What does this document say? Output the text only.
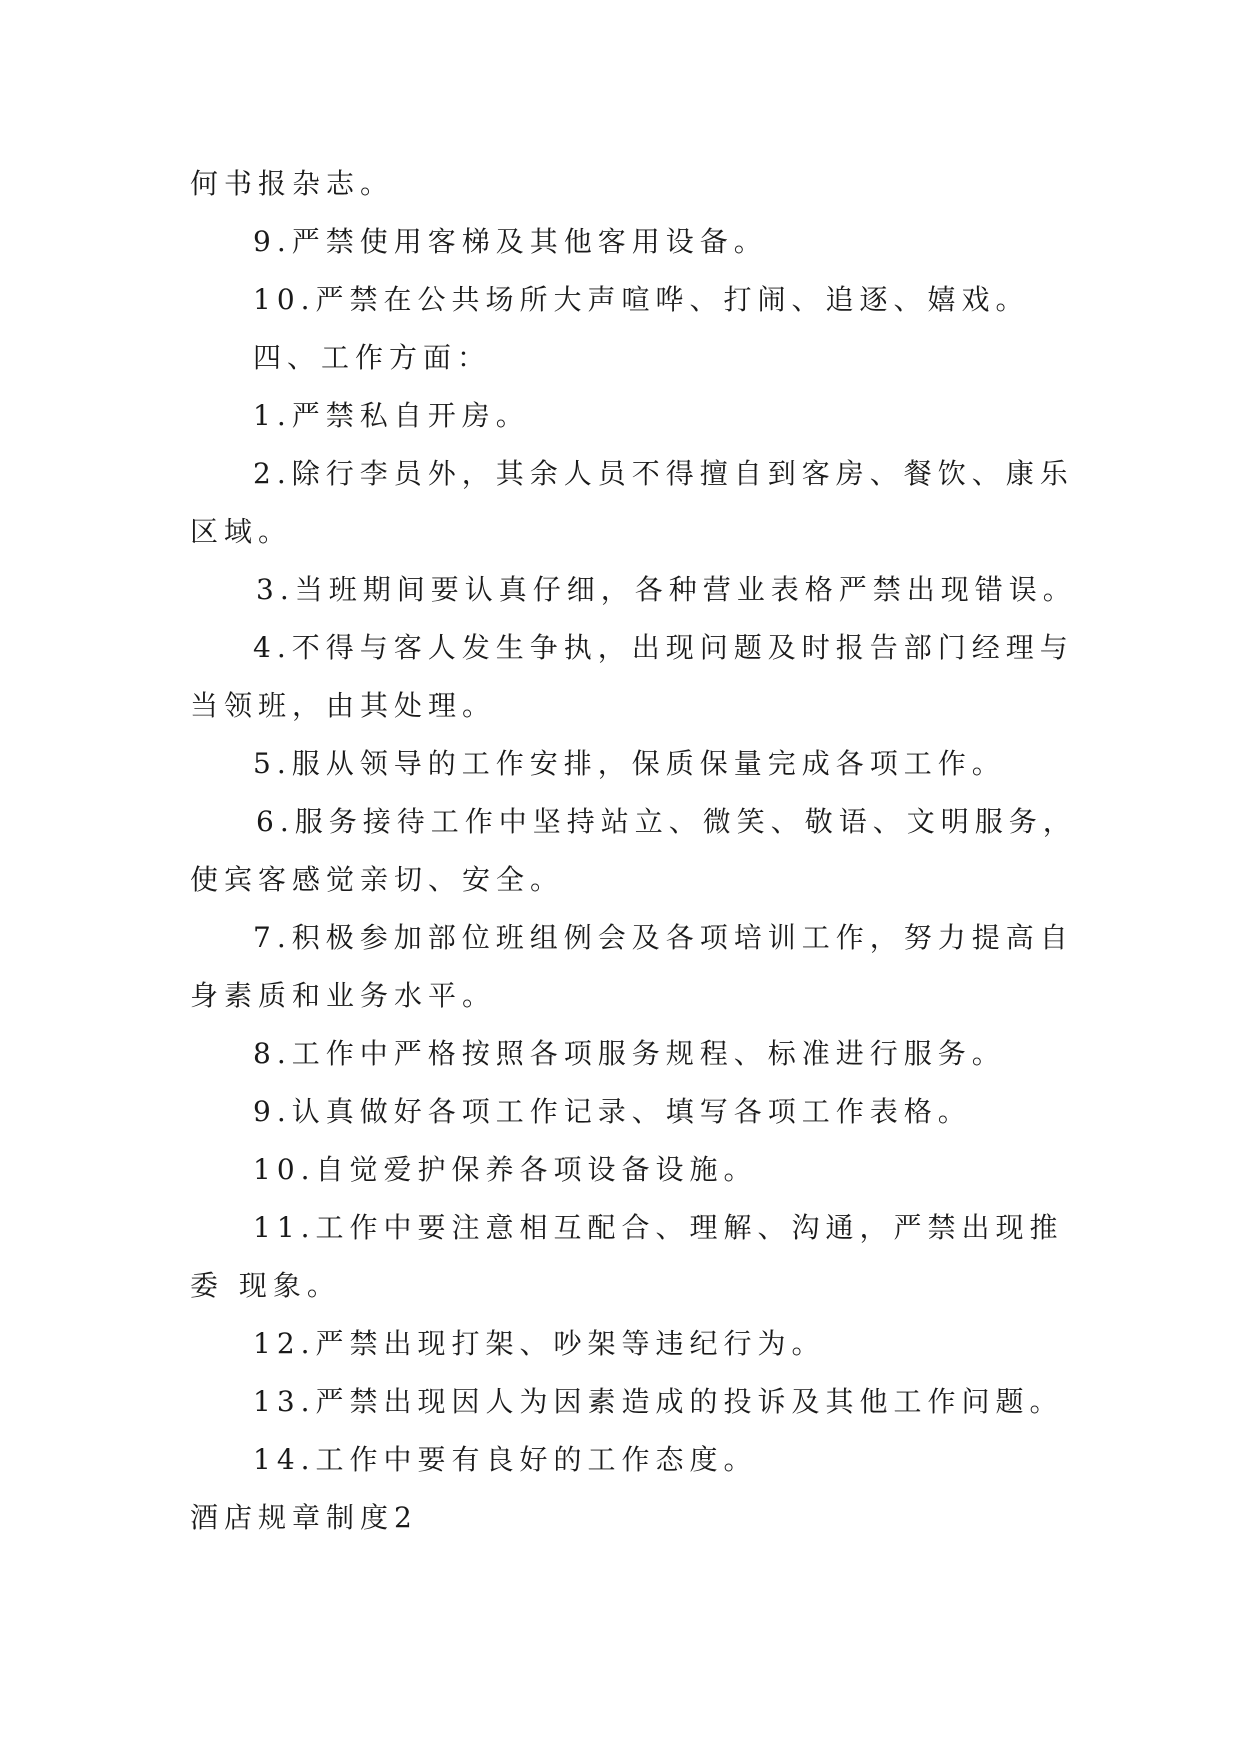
何书报杂志。
9.严禁使用客梯及其他客用设备。
10.严禁在公共场所大声喧哗、打闹、追逐、嬉戏。
四、工作方面：
1.严禁私自开房。
2.除行李员外，其余人员不得擅自到客房、餐饮、康乐
区域。
3.当班期间要认真仔细，各种营业表格严禁出现错误。
4.不得与客人发生争执，出现问题及时报告部门经理与
当领班，由其处理。
5.服从领导的工作安排，保质保量完成各项工作。
6.服务接待工作中坚持站立、微笑、敬语、文明服务，
使宾客感觉亲切、安全。
7.积极参加部位班组例会及各项培训工作，努力提高自
身素质和业务水平。
8.工作中严格按照各项服务规程、标准进行服务。
9.认真做好各项工作记录、填写各项工作表格。
10.自觉爱护保养各项设备设施。
11.工作中要注意相互配合、理解、沟通，严禁出现推
委 现象。
12.严禁出现打架、吵架等违纪行为。
13.严禁出现因人为因素造成的投诉及其他工作问题。
14.工作中要有良好的工作态度。
酒店规章制度2
